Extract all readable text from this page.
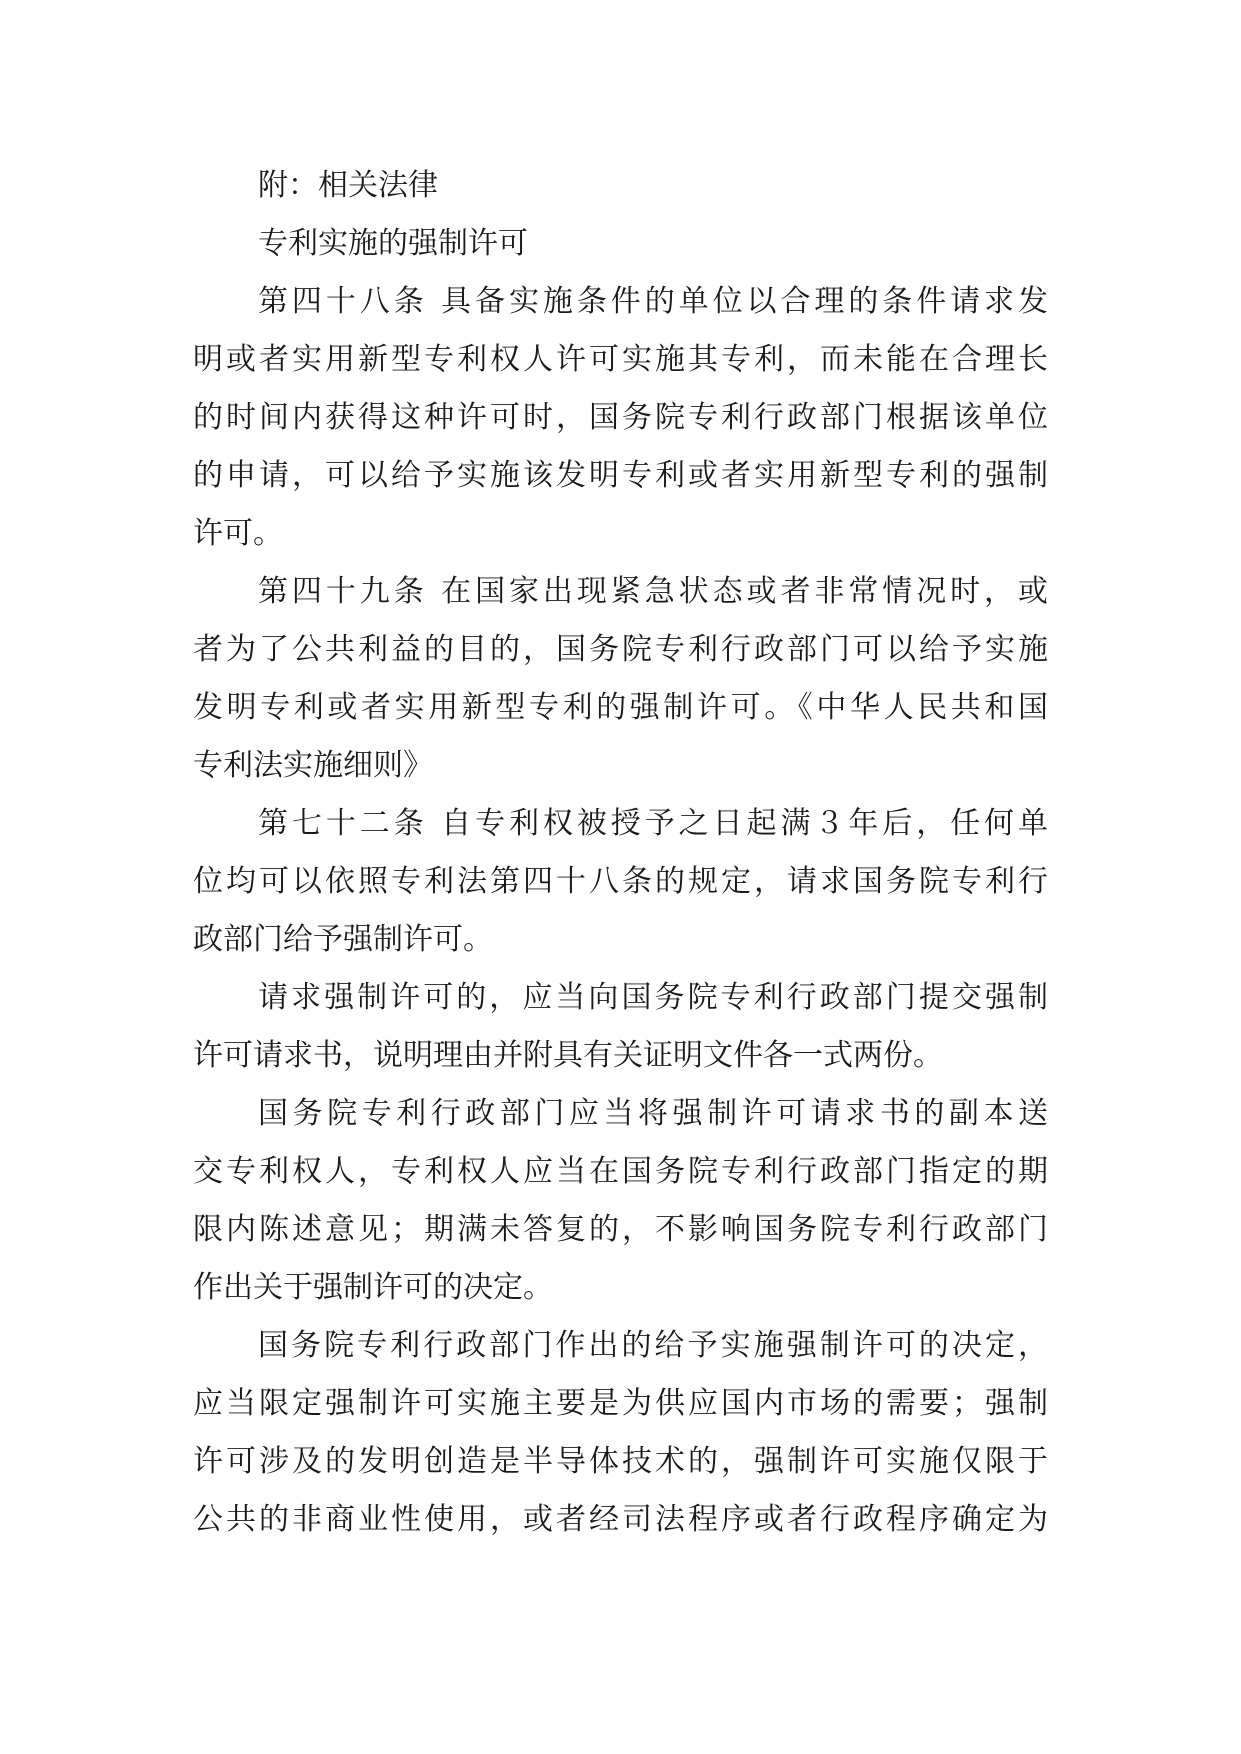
附：相关法律
专利实施的强制许可
第四十八条 具备实施条件的单位以合理的条件请求发
明或者实用新型专利权人许可实施其专利，而未能在合理长
的时间内获得这种许可时，国务院专利行政部门根据该单位
的申请，可以给予实施该发明专利或者实用新型专利的强制
许可。
第四十九条 在国家出现紧急状态或者非常情况时，或
者为了公共利益的目的，国务院专利行政部门可以给予实施
发明专利或者实用新型专利的强制许可。《中华人民共和国
专利法实施细则》
第七十二条 自专利权被授予之日起满３年后，任何单
位均可以依照专利法第四十八条的规定，请求国务院专利行
政部门给予强制许可。
请求强制许可的，应当向国务院专利行政部门提交强制
许可请求书，说明理由并附具有关证明文件各一式两份。
国务院专利行政部门应当将强制许可请求书的副本送
交专利权人，专利权人应当在国务院专利行政部门指定的期
限内陈述意见；期满未答复的，不影响国务院专利行政部门
作出关于强制许可的决定。
国务院专利行政部门作出的给予实施强制许可的决定，
应当限定强制许可实施主要是为供应国内市场的需要；强制
许可涉及的发明创造是半导体技术的，强制许可实施仅限于
公共的非商业性使用，或者经司法程序或者行政程序确定为
